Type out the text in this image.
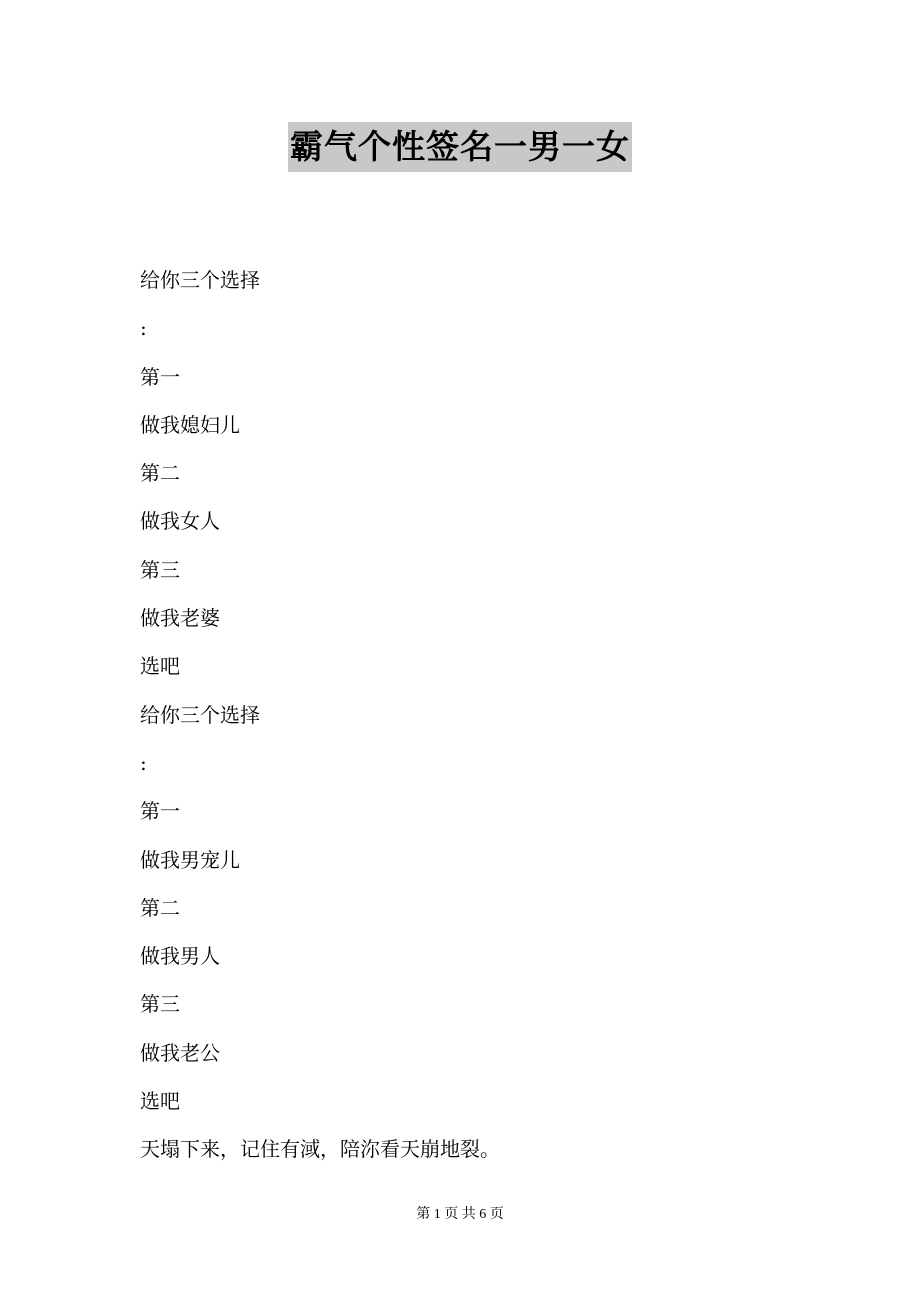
霸气个性签名一男一女
给你三个选择
:
第一
做我媳妇儿
第二
做我女人
第三
做我老婆
选吧
给你三个选择
:
第一
做我男宠儿
第二
做我男人
第三
做我老公
选吧
天塌下来，记住有淢，陪沵看天崩地裂。
第 1 页 共 6 页
